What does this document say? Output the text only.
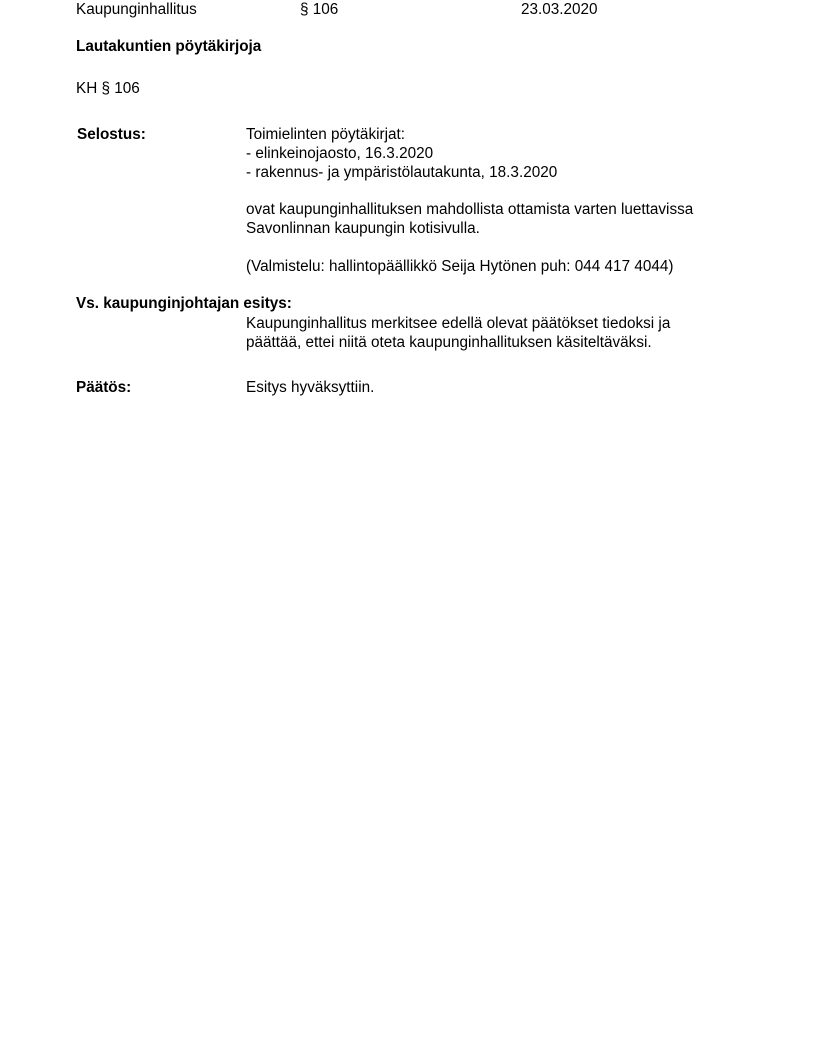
Kaupunginhallitus	§ 106	23.03.2020
Lautakuntien pöytäkirjoja
KH § 106
Selostus:	Toimielinten pöytäkirjat:
- elinkeinojaosto, 16.3.2020
- rakennus- ja ympäristölautakunta, 18.3.2020
ovat kaupunginhallituksen mahdollista ottamista varten luettavissa
Savonlinnan kaupungin kotisivulla.
(Valmistelu: hallintopäällikkö Seija Hytönen puh: 044 417 4044)
Vs. kaupunginjohtajan esitys:
Kaupunginhallitus merkitsee edellä olevat päätökset tiedoksi ja
päättää, ettei niitä oteta kaupunginhallituksen käsiteltäväksi.
Päätös:	Esitys hyväksyttiin.
